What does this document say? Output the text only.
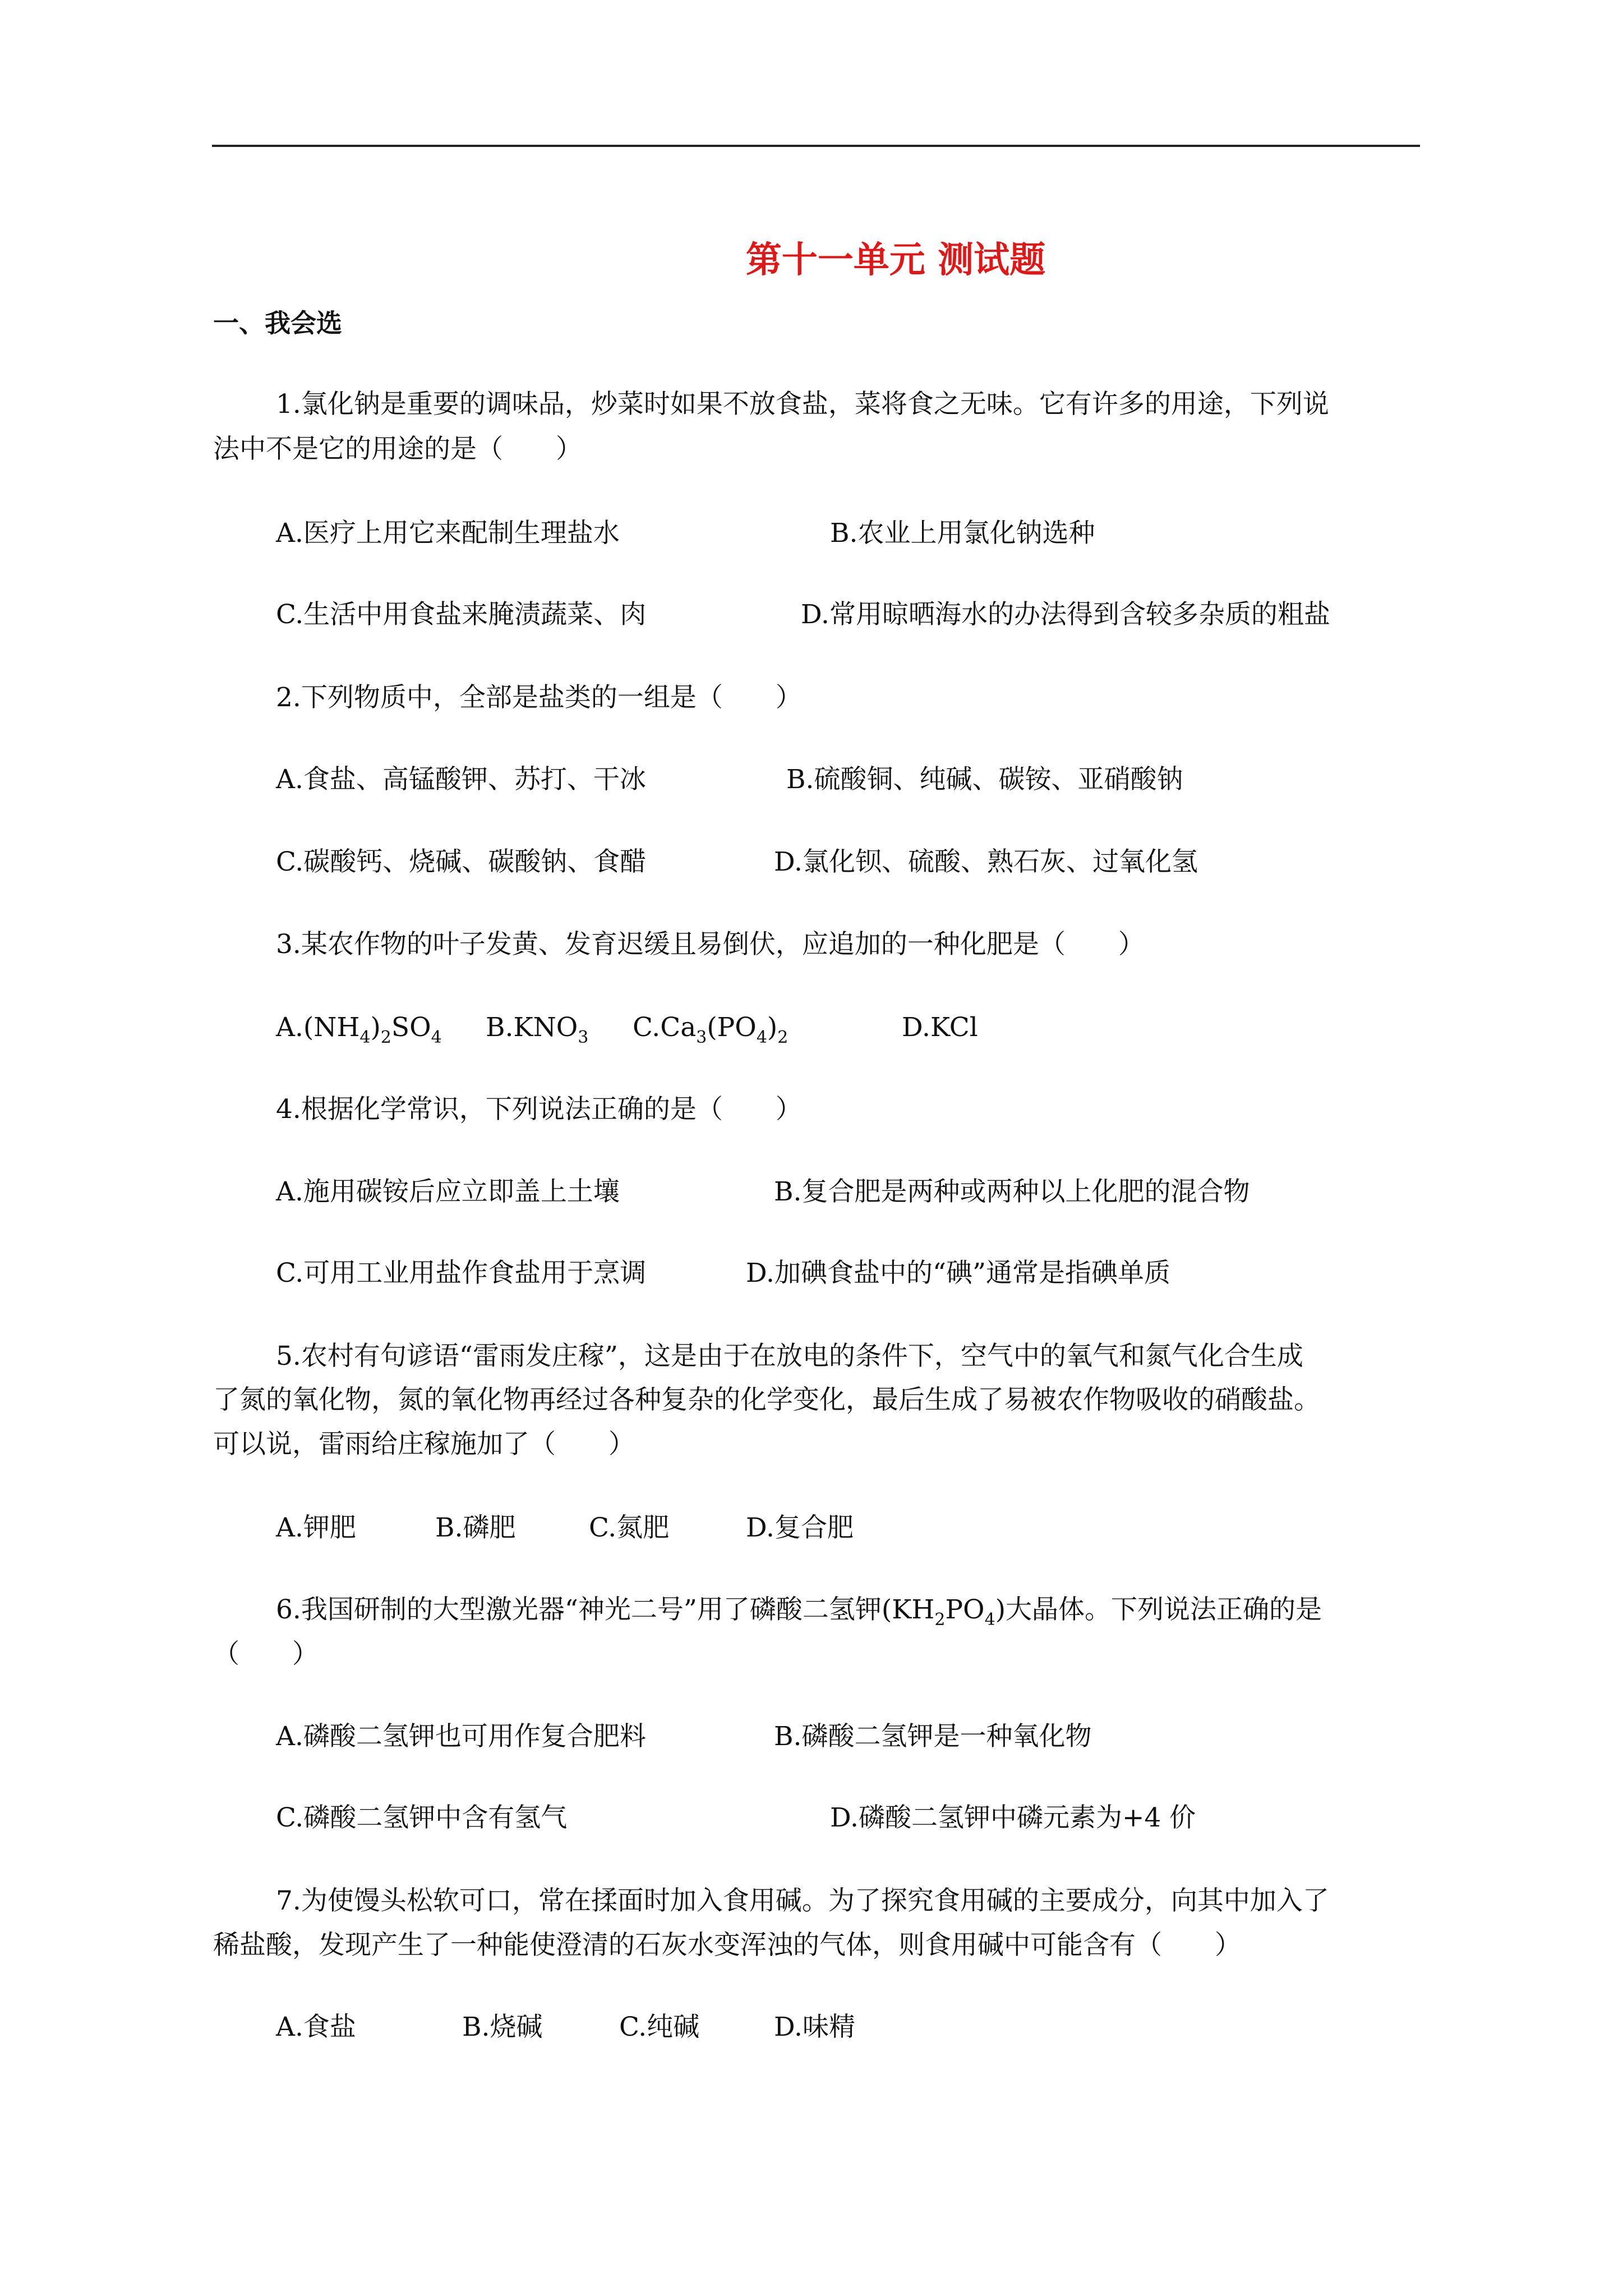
第十一单元 测试题
一、我会选
1.氯化钠是重要的调味品，炒菜时如果不放食盐，菜将食之无味。它有许多的用途，下列说
法中不是它的用途的是（　　）
A.医疗上用它来配制生理盐水	B.农业上用氯化钠选种
C.生活中用食盐来腌渍蔬菜、肉	D.常用晾晒海水的办法得到含较多杂质的粗盐
2.下列物质中，全部是盐类的一组是（　　）
A.食盐、高锰酸钾、苏打、干冰	B.硫酸铜、纯碱、碳铵、亚硝酸钠
C.碳酸钙、烧碱、碳酸钠、食醋	D.氯化钡、硫酸、熟石灰、过氧化氢
3.某农作物的叶子发黄、发育迟缓且易倒伏，应追加的一种化肥是（　　）
$A.(NH_4)_2SO_4$ $B.KNO_3$ $C.Ca_3(PO_4)_2$	D.KCl
4.根据化学常识，下列说法正确的是（　　）
A.施用碳铵后应立即盖上土壤	B.复合肥是两种或两种以上化肥的混合物
C.可用工业用盐作食盐用于烹调	D.加碘食盐中的“碘”通常是指碘单质
5.农村有句谚语“雷雨发庄稼”，这是由于在放电的条件下，空气中的氧气和氮气化合生成
了氮的氧化物，氮的氧化物再经过各种复杂的化学变化，最后生成了易被农作物吸收的硝酸盐。
可以说，雷雨给庄稼施加了（　　）
A.钾肥	B.磷肥	C.氮肥	D.复合肥
6.我国研制的大型激光器“神光二号”用了磷酸二氢钾$(KH_2PO_4)$大晶体。下列说法正确的是
（　　）
A.磷酸二氢钾也可用作复合肥料	B.磷酸二氢钾是一种氧化物
C.磷酸二氢钾中含有氢气	D.磷酸二氢钾中磷元素为+4 价
7.为使馒头松软可口，常在揉面时加入食用碱。为了探究食用碱的主要成分，向其中加入了
稀盐酸，发现产生了一种能使澄清的石灰水变浑浊的气体，则食用碱中可能含有（　　）
A.食盐	B.烧碱	C.纯碱	D.味精
